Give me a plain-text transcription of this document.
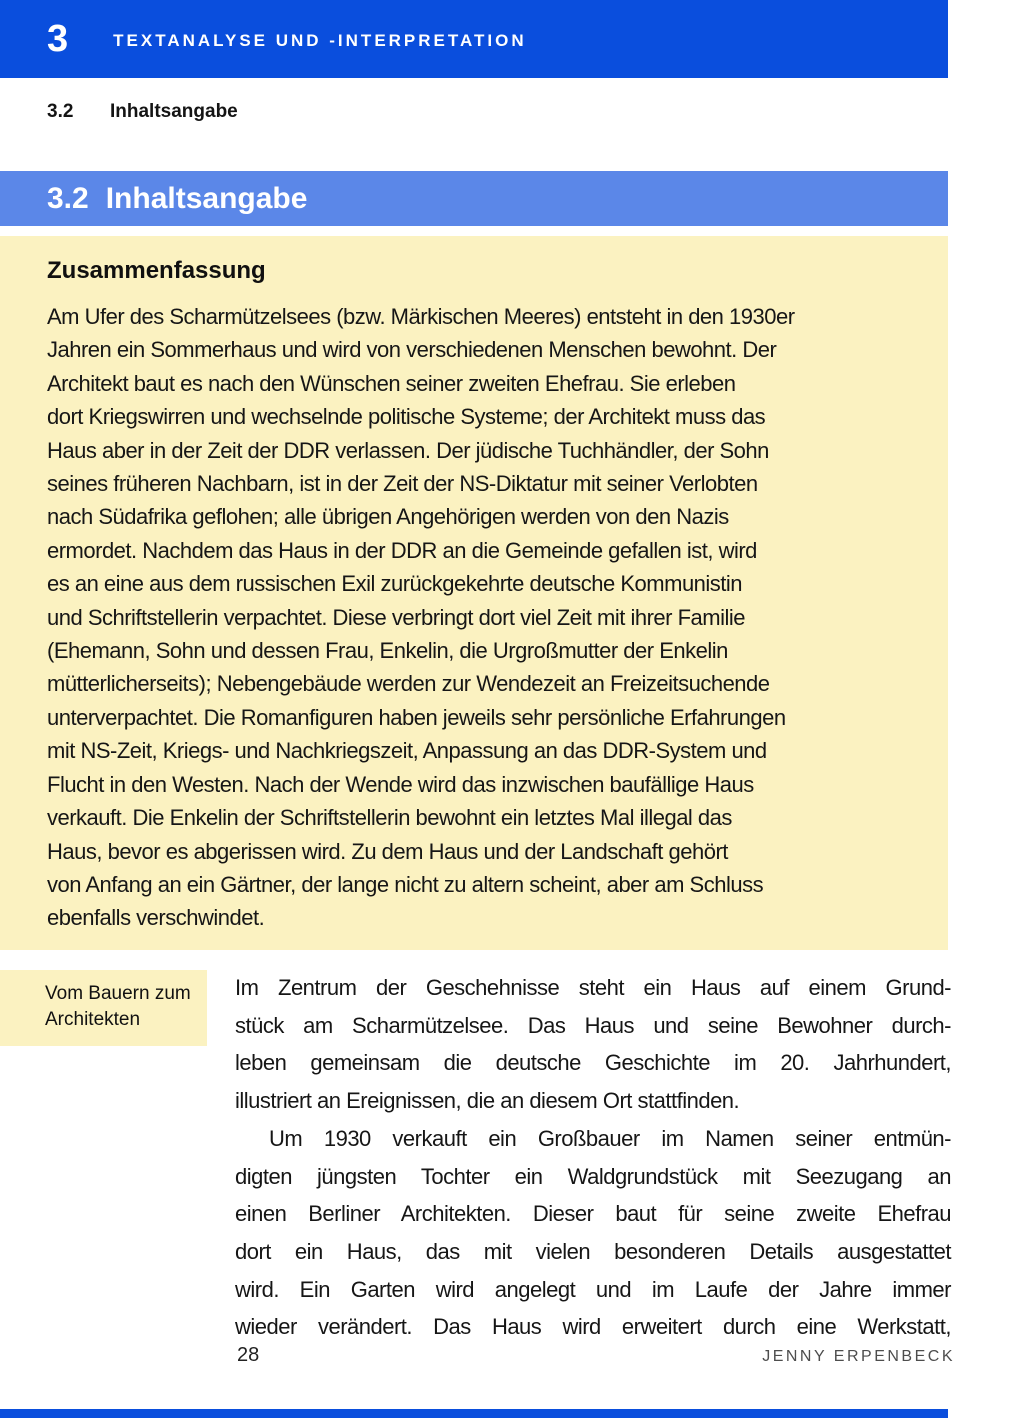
3	TEXTANALYSE UND -INTERPRETATION
3.2	Inhaltsangabe
3.2 Inhaltsangabe
Zusammenfassung
Am Ufer des Scharmützelsees (bzw. Märkischen Meeres) entsteht in den 1930er
Jahren ein Sommerhaus und wird von verschiedenen Menschen bewohnt. Der
Architekt baut es nach den Wünschen seiner zweiten Ehefrau. Sie erleben
dort Kriegswirren und wechselnde politische Systeme; der Architekt muss das
Haus aber in der Zeit der DDR verlassen. Der jüdische Tuchhändler, der Sohn
seines früheren Nachbarn, ist in der Zeit der NS-Diktatur mit seiner Verlobten
nach Südafrika geflohen; alle übrigen Angehörigen werden von den Nazis
ermordet. Nachdem das Haus in der DDR an die Gemeinde gefallen ist, wird
es an eine aus dem russischen Exil zurückgekehrte deutsche Kommunistin
und Schriftstellerin verpachtet. Diese verbringt dort viel Zeit mit ihrer Familie
(Ehemann, Sohn und dessen Frau, Enkelin, die Urgroßmutter der Enkelin
mütterlicherseits); Nebengebäude werden zur Wendezeit an Freizeitsuchende
unterverpachtet. Die Romanfiguren haben jeweils sehr persönliche Erfahrungen
mit NS-Zeit, Kriegs- und Nachkriegszeit, Anpassung an das DDR-System und
Flucht in den Westen. Nach der Wende wird das inzwischen baufällige Haus
verkauft. Die Enkelin der Schriftstellerin bewohnt ein letztes Mal illegal das
Haus, bevor es abgerissen wird. Zu dem Haus und der Landschaft gehört
von Anfang an ein Gärtner, der lange nicht zu altern scheint, aber am Schluss
ebenfalls verschwindet.
Vom Bauern zum
Architekten
Im Zentrum der Geschehnisse steht ein Haus auf einem Grund-
stück am Scharmützelsee. Das Haus und seine Bewohner durch-
leben gemeinsam die deutsche Geschichte im 20. Jahrhundert,
illustriert an Ereignissen, die an diesem Ort stattfinden.
Um 1930 verkauft ein Großbauer im Namen seiner entmün-
digten jüngsten Tochter ein Waldgrundstück mit Seezugang an
einen Berliner Architekten. Dieser baut für seine zweite Ehefrau
dort ein Haus, das mit vielen besonderen Details ausgestattet
wird. Ein Garten wird angelegt und im Laufe der Jahre immer
wieder verändert. Das Haus wird erweitert durch eine Werkstatt,
28	JENNY ERPENBECK
